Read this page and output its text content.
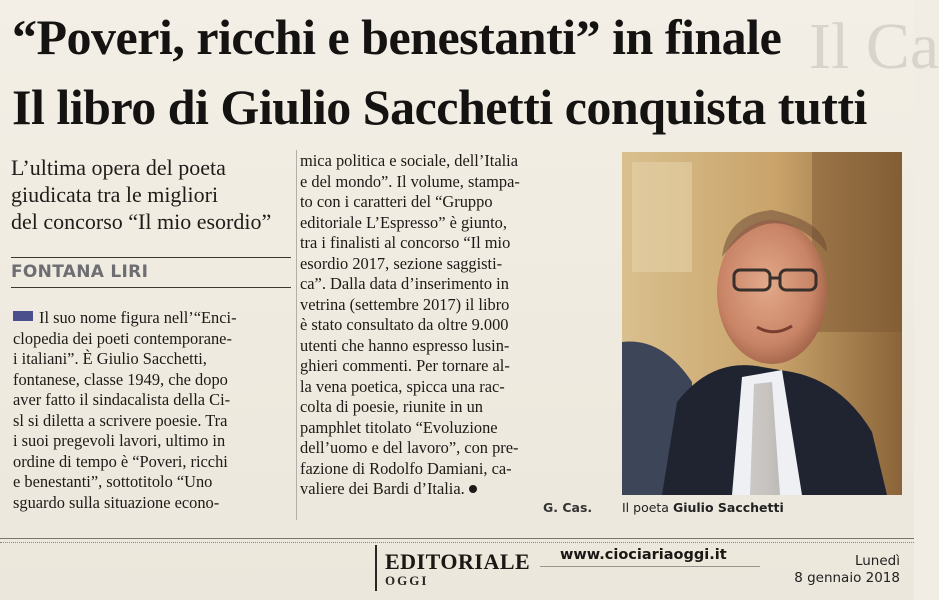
Il Ca
“Poveri, ricchi e benestanti” in finale
Il libro di Giulio Sacchetti conquista tutti
L’ultima opera del poeta
giudicata tra le migliori
del concorso “Il mio esordio”
FONTANA LIRI

Il suo nome figura nell’“Enci-

clopedia dei poeti contemporane-

i italiani”. È Giulio Sacchetti,

fontanese, classe 1949, che dopo

aver fatto il sindacalista della Ci-

sl si diletta a scrivere poesie. Tra

i suoi pregevoli lavori, ultimo in

ordine di tempo è “Poveri, ricchi

e benestanti”, sottotitolo “Uno

sguardo sulla situazione econo-

mica politica e sociale, dell’Italia

e del mondo”. Il volume, stampa-

to con i caratteri del “Gruppo

editoriale L’Espresso” è giunto,

tra i finalisti al concorso “Il mio

esordio 2017, sezione saggisti-

ca”. Dalla data d’inserimento in

vetrina (settembre 2017) il libro

è stato consultato da oltre 9.000

utenti che hanno espresso lusin-

ghieri commenti. Per tornare al-

la vena poetica, spicca una rac-

colta di poesie, riunite in un

pamphlet titolato “Evoluzione

dell’uomo e del lavoro”, con pre-

fazione di Rodolfo Damiani, ca-

valiere dei Bardi d’Italia.

G. Cas. Il poeta Giulio Sacchetti
EDITORIALE
OGGI
www.ciociariaoggi.it	Lunedì
8 gennaio 2018
